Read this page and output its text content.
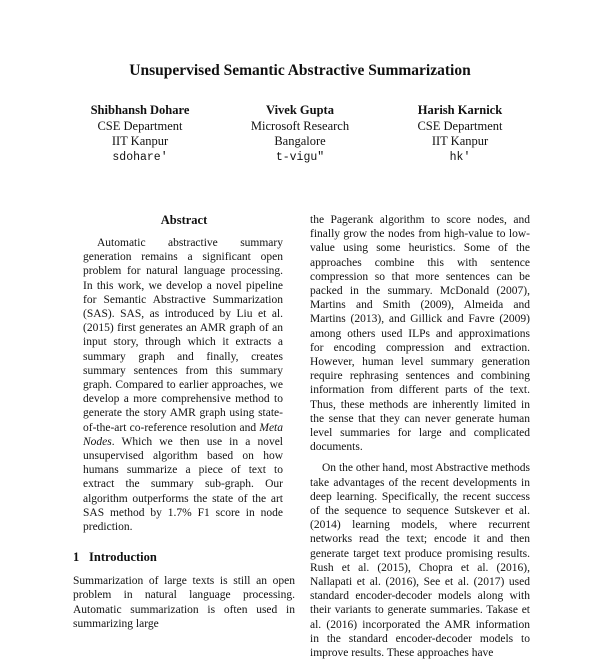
Unsupervised Semantic Abstractive Summarization
Shibhansh Dohare
CSE Department
IIT Kanpur
sdohare′
Vivek Gupta
Microsoft Research
Bangalore
t-vigu″
Harish Karnick
CSE Department
IIT Kanpur
hk′
Abstract

Automatic abstractive summary generation remains a significant open problem for natural language processing. In this work, we develop a novel pipeline for Semantic Abstractive Summarization (SAS). SAS, as introduced by Liu et al. (2015) first generates an AMR graph of an input story, through which it extracts a summary graph and finally, creates summary sentences from this summary graph. Compared to earlier approaches, we develop a more comprehensive method to generate the story AMR graph using state-of-the-art co-reference resolution and Meta Nodes. Which we then use in a novel unsupervised algorithm based on how humans summarize a piece of text to extract the summary sub-graph. Our algorithm outperforms the state of the art SAS method by 1.7% F1 score in node prediction.

1 Introduction

Summarization of large texts is still an open problem in natural language processing. Automatic summarization is often used in summarizing large

the Pagerank algorithm to score nodes, and finally grow the nodes from high-value to low-value using some heuristics. Some of the approaches combine this with sentence compression so that more sentences can be packed in the summary. McDonald (2007), Martins and Smith (2009), Almeida and Martins (2013), and Gillick and Favre (2009) among others used ILPs and approximations for encoding compression and extraction. However, human level summary generation require rephrasing sentences and combining information from different parts of the text. Thus, these methods are inherently limited in the sense that they can never generate human level summaries for large and complicated documents.

On the other hand, most Abstractive methods take advantages of the recent developments in deep learning. Specifically, the recent success of the sequence to sequence Sutskever et al. (2014) learning models, where recurrent networks read the text; encode it and then generate target text produce promising results. Rush et al. (2015), Chopra et al. (2016), Nallapati et al. (2016), See et al. (2017) used standard encoder-decoder models along with their variants to generate summaries. Takase et al. (2016) incorporated the AMR information in the standard encoder-decoder models to improve results. These approaches have
